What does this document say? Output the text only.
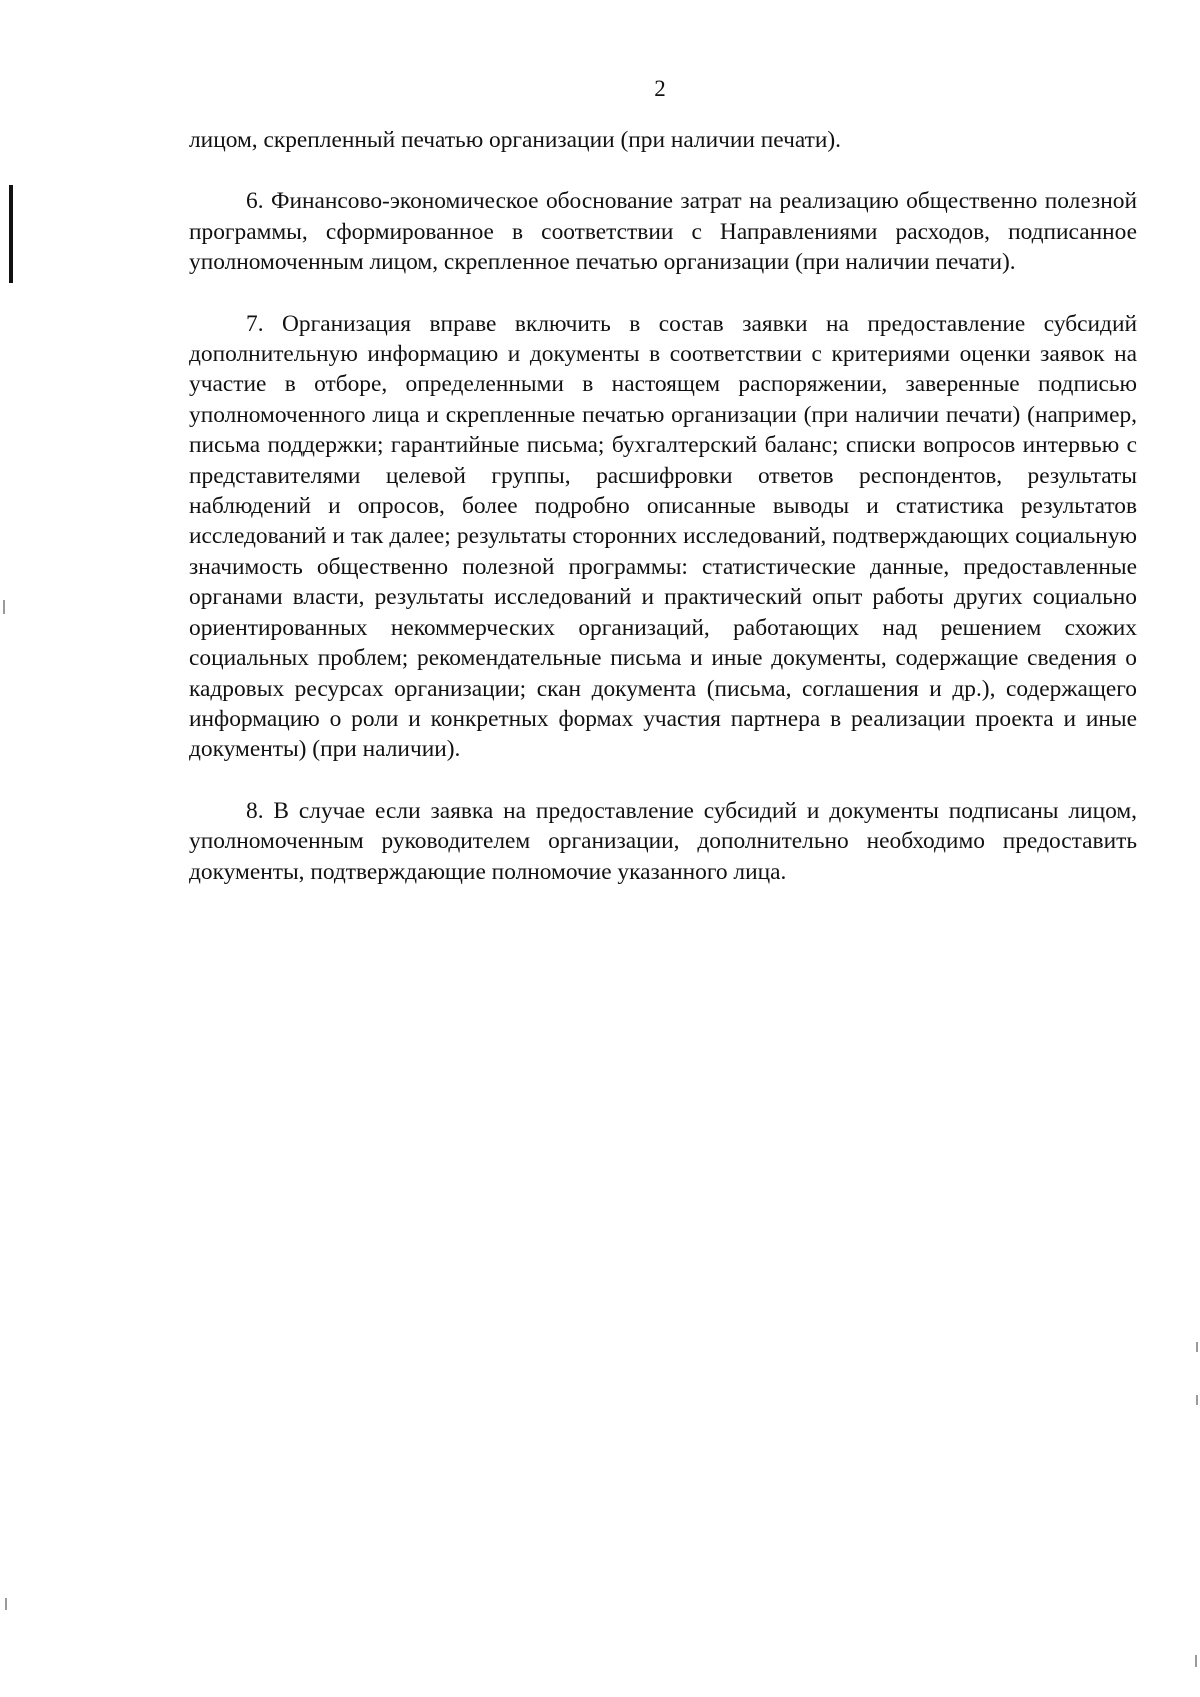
2

лицом, скрепленный печатью организации (при наличии печати).

6. Финансово-экономическое обоснование затрат на реализацию общественно полезной программы, сформированное в соответствии с Направлениями расходов, подписанное уполномоченным лицом, скрепленное печатью организации (при наличии печати).

7. Организация вправе включить в состав заявки на предоставление субсидий дополнительную информацию и документы в соответствии с критериями оценки заявок на участие в отборе, определенными в настоящем распоряжении, заверенные подписью уполномоченного лица и скрепленные печатью организации (при наличии печати) (например, письма поддержки; гарантийные письма; бухгалтерский баланс; списки вопросов интервью с представителями целевой группы, расшифровки ответов респондентов, результаты наблюдений и опросов, более подробно описанные выводы и статистика результатов исследований и так далее; результаты сторонних исследований, подтверждающих социальную значимость общественно полезной программы: статистические данные, предоставленные органами власти, результаты исследований и практический опыт работы других социально ориентированных некоммерческих организаций, работающих над решением схожих социальных проблем; рекомендательные письма и иные документы, содержащие сведения о кадровых ресурсах организации; скан документа (письма, соглашения и др.), содержащего информацию о роли и конкретных формах участия партнера в реализации проекта и иные документы) (при наличии).

8. В случае если заявка на предоставление субсидий и документы подписаны лицом, уполномоченным руководителем организации, дополнительно необходимо предоставить документы, подтверждающие полномочие указанного лица.
